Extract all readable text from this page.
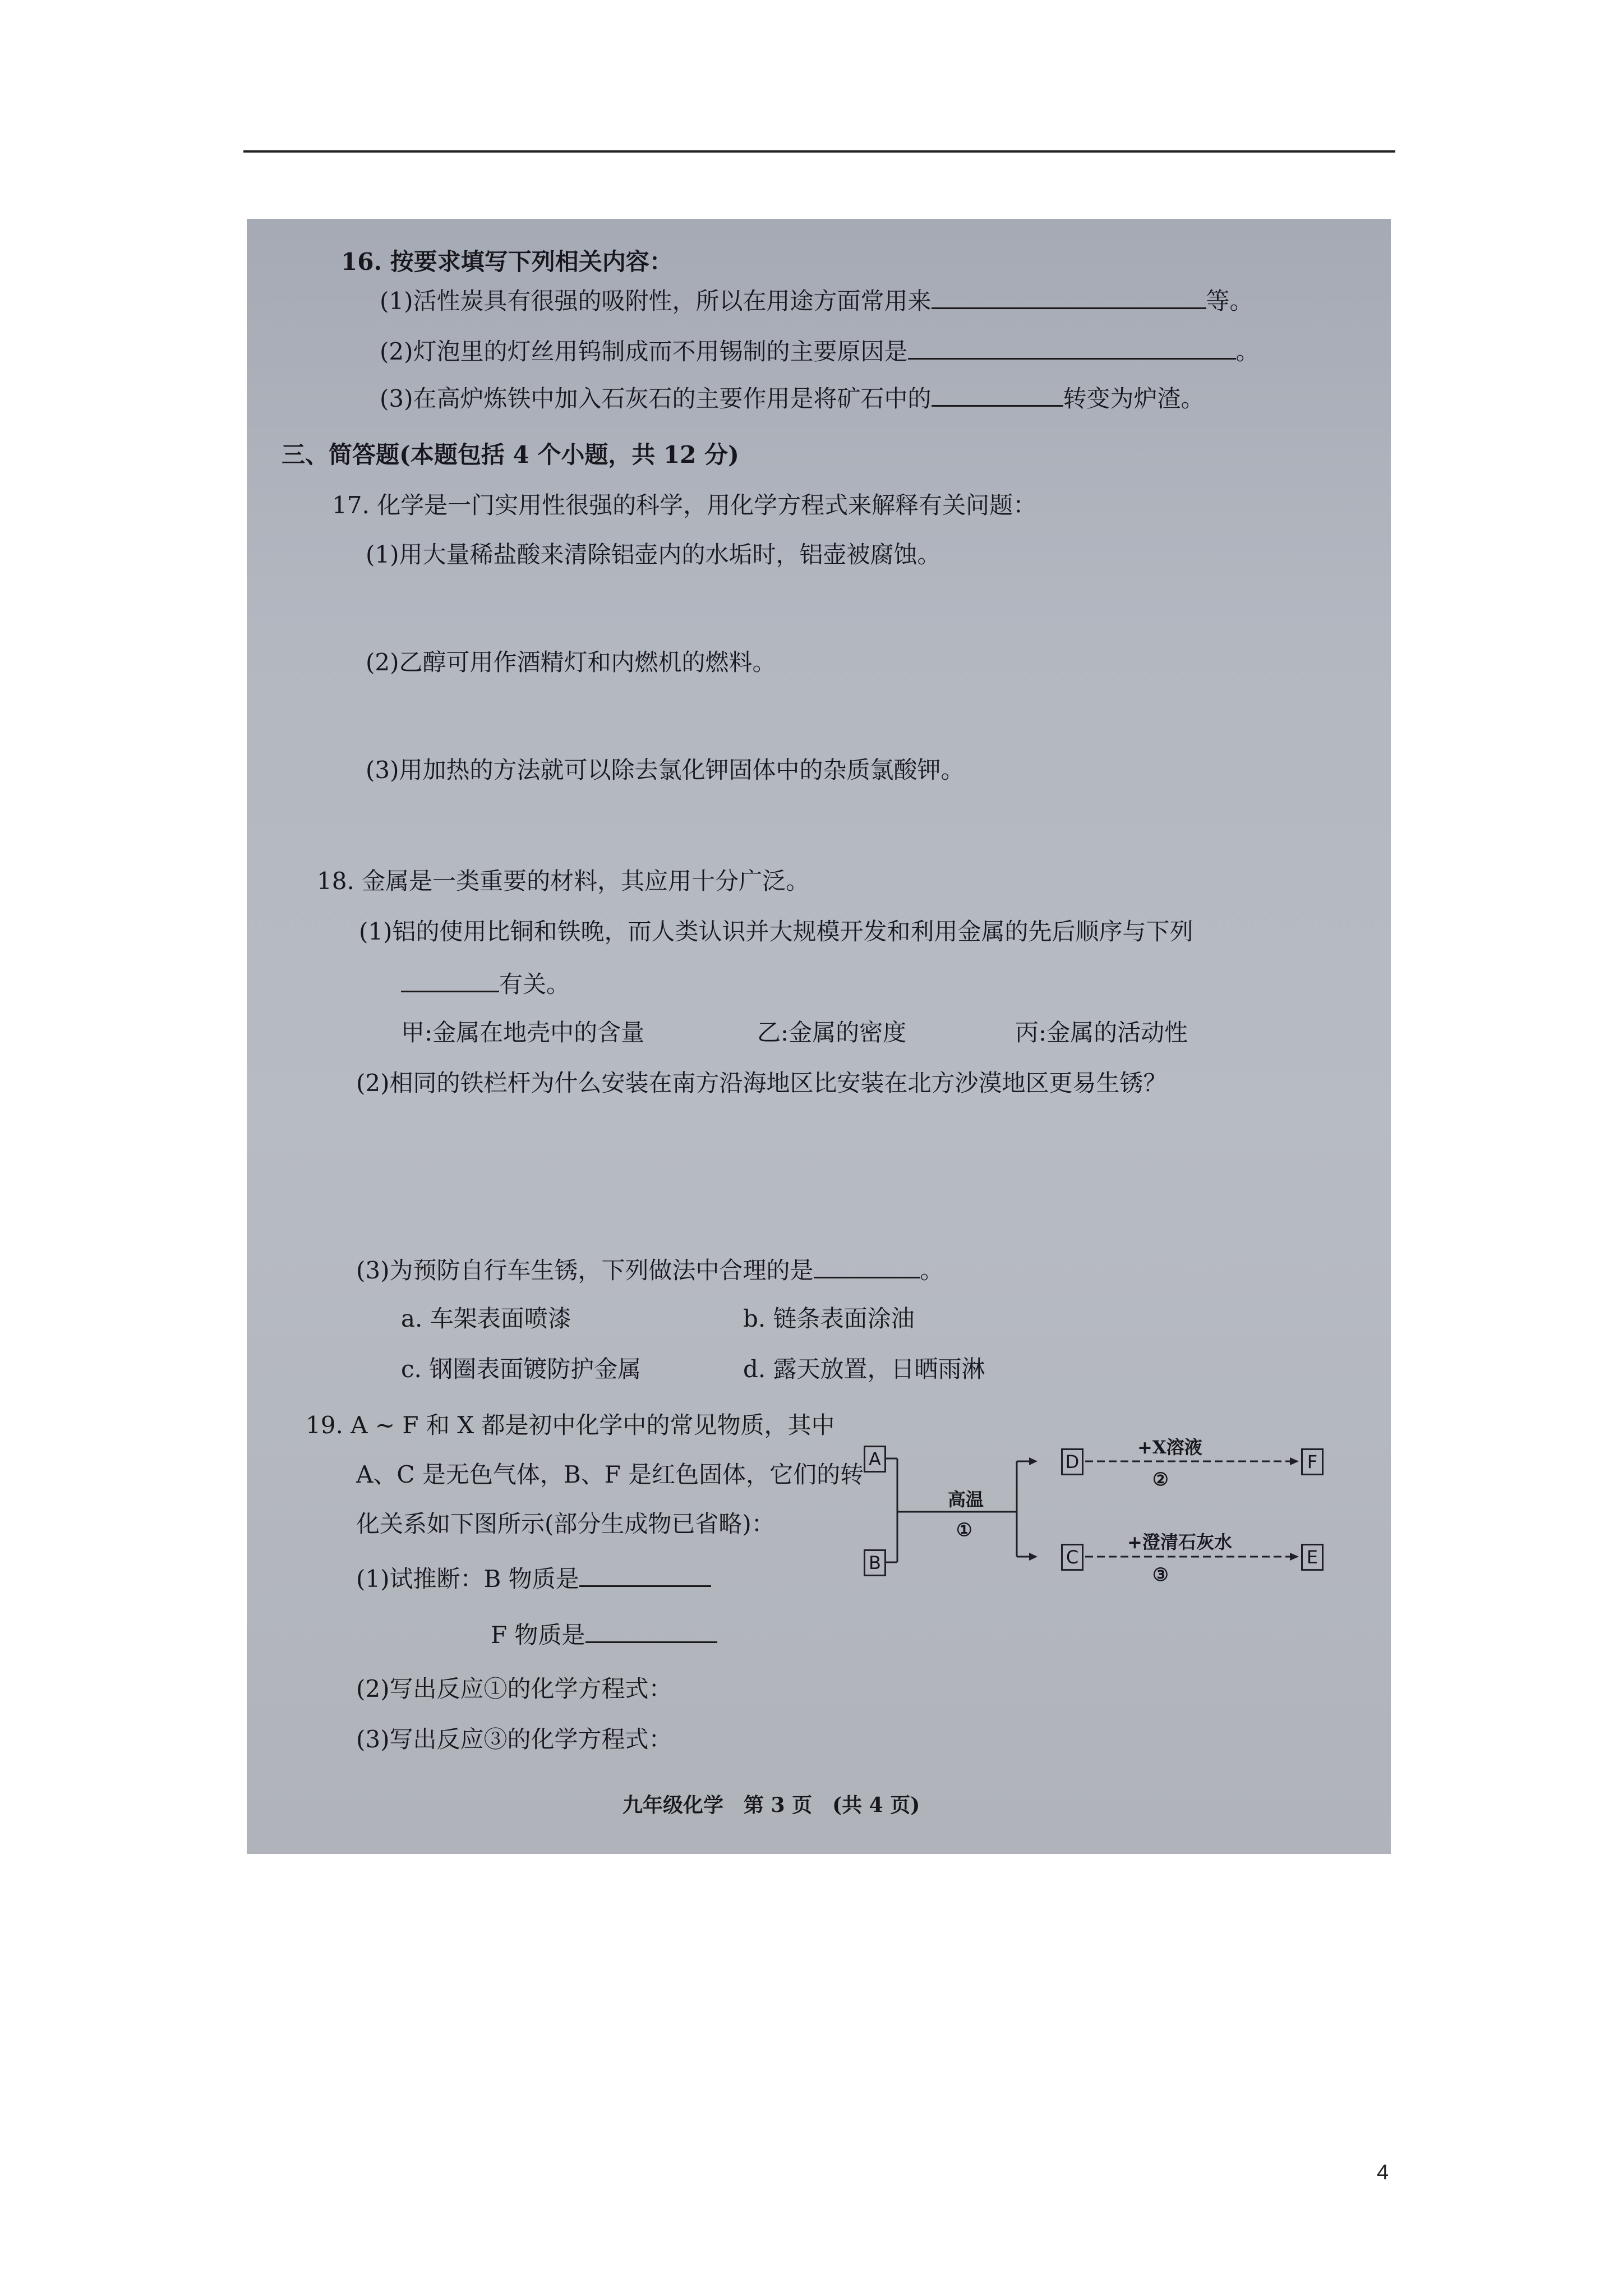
16. 按要求填写下列相关内容：
(1)活性炭具有很强的吸附性，所以在用途方面常用来	等。
(2)灯泡里的灯丝用钨制成而不用锡制的主要原因是	。
(3)在高炉炼铁中加入石灰石的主要作用是将矿石中的	转变为炉渣。
三、简答题(本题包括 4 个小题，共 12 分)
17. 化学是一门实用性很强的科学，用化学方程式来解释有关问题：
(1)用大量稀盐酸来清除铝壶内的水垢时，铝壶被腐蚀。
(2)乙醇可用作酒精灯和内燃机的燃料。
(3)用加热的方法就可以除去氯化钾固体中的杂质氯酸钾。
18. 金属是一类重要的材料，其应用十分广泛。
(1)铝的使用比铜和铁晚，而人类认识并大规模开发和利用金属的先后顺序与下列
有关。
甲:金属在地壳中的含量	乙:金属的密度	丙:金属的活动性
(2)相同的铁栏杆为什么安装在南方沿海地区比安装在北方沙漠地区更易生锈？
(3)为预防自行车生锈，下列做法中合理的是	。
a. 车架表面喷漆	b. 链条表面涂油
c. 钢圈表面镀防护金属	d. 露天放置，日晒雨淋
19. A ~ F 和 X 都是初中化学中的常见物质，其中
A、C 是无色气体，B、F 是红色固体，它们的转
化关系如下图所示(部分生成物已省略)：
(1)试推断：B 物质是
F 物质是
(2)写出反应①的化学方程式：
(3)写出反应③的化学方程式：
A
B
D
C
F
E
高温
①
+X溶液
②
+澄清石灰水
③
九年级化学　第 3 页　(共 4 页)
4
